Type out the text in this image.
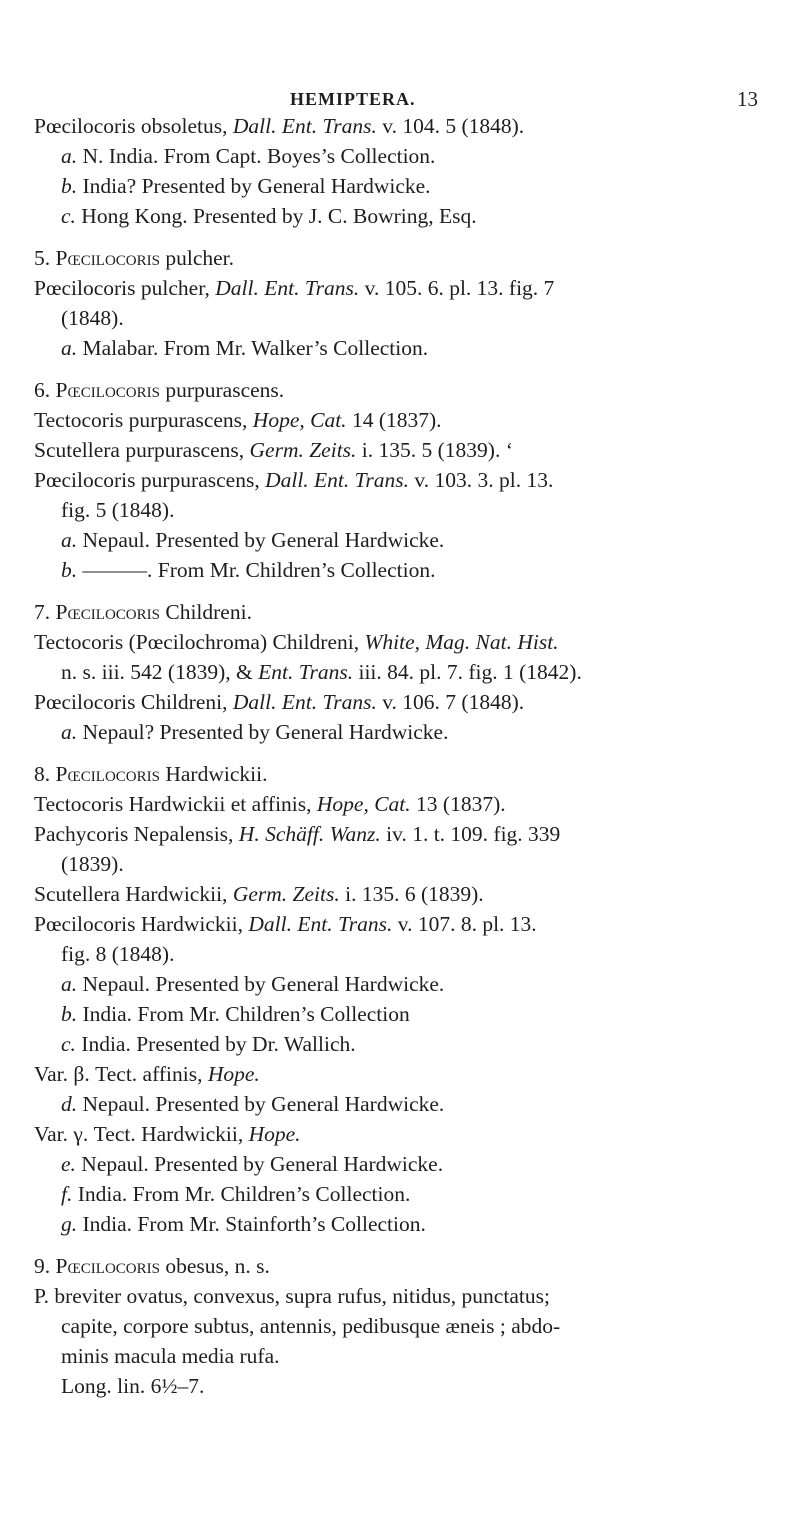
HEMIPTERA.	13
Pœcilocoris obsoletus, Dall. Ent. Trans. v. 104. 5 (1848).
a. N. India. From Capt. Boyes’s Collection.
b. India? Presented by General Hardwicke.
c. Hong Kong. Presented by J. C. Bowring, Esq.
5. Pœcilocoris pulcher.
Pœcilocoris pulcher, Dall. Ent. Trans. v. 105. 6. pl. 13. fig. 7
(1848).
a. Malabar. From Mr. Walker’s Collection.
6. Pœcilocoris purpurascens.
Tectocoris purpurascens, Hope, Cat. 14 (1837).
Scutellera purpurascens, Germ. Zeits. i. 135. 5 (1839). ‘
Pœcilocoris purpurascens, Dall. Ent. Trans. v. 103. 3. pl. 13.
fig. 5 (1848).
a. Nepaul. Presented by General Hardwicke.
b. ———. From Mr. Children’s Collection.
7. Pœcilocoris Childreni.
Tectocoris (Pœcilochroma) Childreni, White, Mag. Nat. Hist.
n. s. iii. 542 (1839), & Ent. Trans. iii. 84. pl. 7. fig. 1 (1842).
Pœcilocoris Childreni, Dall. Ent. Trans. v. 106. 7 (1848).
a. Nepaul? Presented by General Hardwicke.
8. Pœcilocoris Hardwickii.
Tectocoris Hardwickii et affinis, Hope, Cat. 13 (1837).
Pachycoris Nepalensis, H. Schäff. Wanz. iv. 1. t. 109. fig. 339
(1839).
Scutellera Hardwickii, Germ. Zeits. i. 135. 6 (1839).
Pœcilocoris Hardwickii, Dall. Ent. Trans. v. 107. 8. pl. 13.
fig. 8 (1848).
a. Nepaul. Presented by General Hardwicke.
b. India. From Mr. Children’s Collection
c. India. Presented by Dr. Wallich.
Var. β. Tect. affinis, Hope.
d. Nepaul. Presented by General Hardwicke.
Var. γ. Tect. Hardwickii, Hope.
e. Nepaul. Presented by General Hardwicke.
f. India. From Mr. Children’s Collection.
g. India. From Mr. Stainforth’s Collection.
9. Pœcilocoris obesus, n. s.
P. breviter ovatus, convexus, supra rufus, nitidus, punctatus;
capite, corpore subtus, antennis, pedibusque æneis ; abdo-
minis macula media rufa.
Long. lin. 6½–7.
